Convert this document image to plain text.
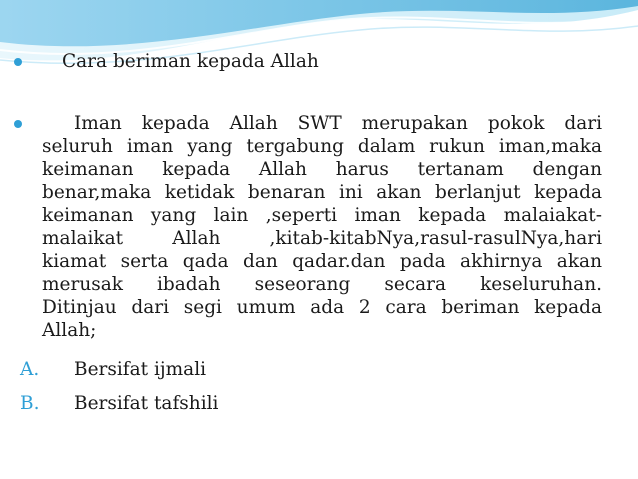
Cara beriman kepada Allah
Iman kepada Allah SWT merupakan pokok dari
seluruh iman yang tergabung dalam rukun iman,maka
keimanan kepada Allah harus tertanam dengan
benar,maka ketidak benaran ini akan berlanjut kepada
keimanan yang lain ,seperti iman kepada malaiakat-
malaikat Allah ,kitab-kitabNya,rasul-rasulNya,hari
kiamat serta qada dan qadar.dan pada akhirnya akan
merusak ibadah seseorang secara keseluruhan.
Ditinjau dari segi umum ada 2 cara beriman kepada
Allah;
A. Bersifat ijmali
B. Bersifat tafshili
